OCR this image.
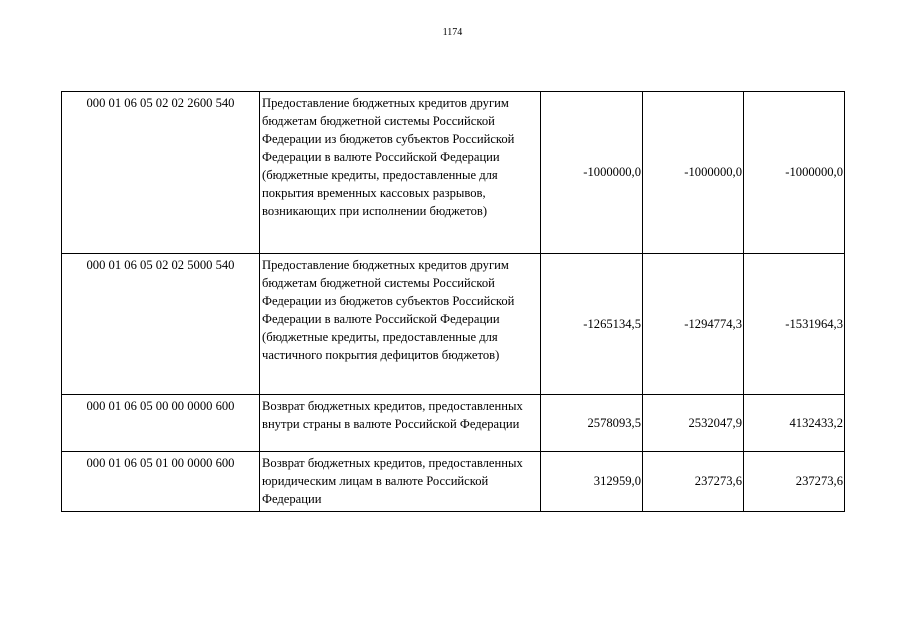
1174
000 01 06 05 02 02 2600 540	Предоставление бюджетных кредитов другим бюджетам бюджетной системы Российской Федерации из бюджетов субъектов Российской Федерации в валюте Российской Федерации (бюджетные кредиты, предоставленные для покрытия временных кассовых разрывов, возникающих при исполнении бюджетов)	-1000000,0	-1000000,0	-1000000,0
000 01 06 05 02 02 5000 540	Предоставление бюджетных кредитов другим бюджетам бюджетной системы Российской Федерации из бюджетов субъектов Российской Федерации в валюте Российской Федерации (бюджетные кредиты, предоставленные для частичного покрытия дефицитов бюджетов)	-1265134,5	-1294774,3	-1531964,3
000 01 06 05 00 00 0000 600	Возврат бюджетных кредитов, предоставленных внутри страны в валюте Российской Федерации	2578093,5	2532047,9	4132433,2
000 01 06 05 01 00 0000 600	Возврат бюджетных кредитов, предоставленных юридическим лицам в валюте Российской Федерации	312959,0	237273,6	237273,6
